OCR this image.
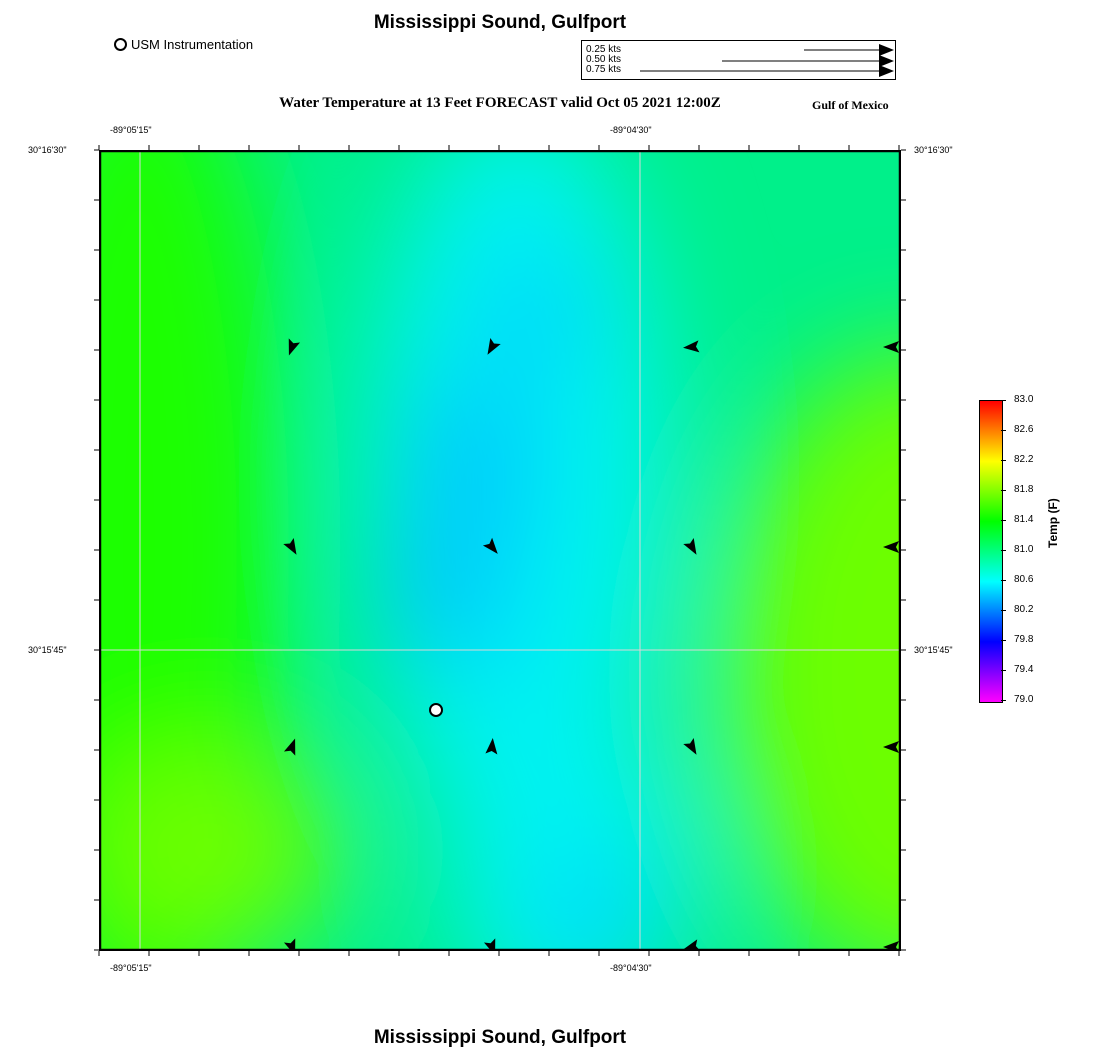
Mississippi Sound, Gulfport
USM Instrumentation	0.25 kts
0.50 kts
0.75 kts
Water Temperature at 13 Feet FORECAST valid Oct 05 2021 12:00Z	Gulf of Mexico
-89°05'15"	-89°04'30"
-89°05'15"	-89°04'30"
30°16'30"
30°15'45"
30°16'30"
30°15'45"
83.0
82.6
82.2
81.8
81.4
81.0
80.6
80.2
79.8
79.4
79.0
Temp (F)
Mississippi Sound, Gulfport
